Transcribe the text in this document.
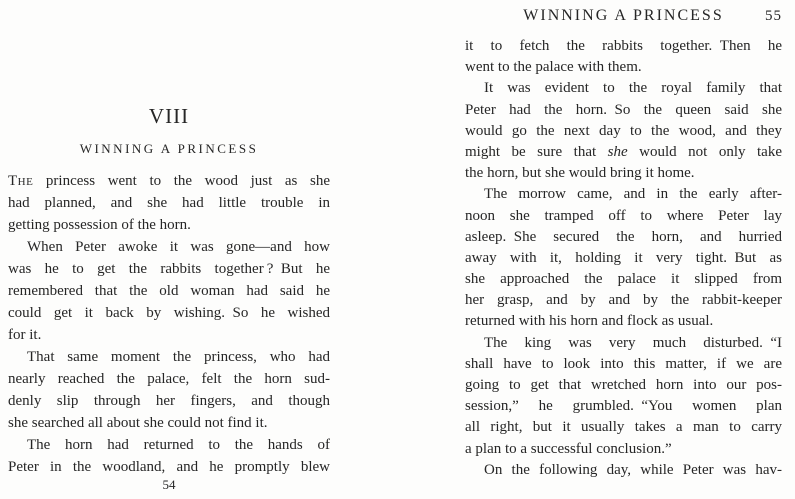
VIII
WINNING A PRINCESS
The princess went to the wood just as she
had planned, and she had little trouble in
getting possession of the horn.
When Peter awoke it was gone—and how
was he to get the rabbits together ? But he
remembered that the old woman had said he
could get it back by wishing. So he wished
for it.
That same moment the princess, who had
nearly reached the palace, felt the horn sud-
denly slip through her fingers, and though
she searched all about she could not find it.
The horn had returned to the hands of
Peter in the woodland, and he promptly blew
54
WINNING A PRINCESS	55
it to fetch the rabbits together. Then he
went to the palace with them.
It was evident to the royal family that
Peter had the horn. So the queen said she
would go the next day to the wood, and they
might be sure that she would not only take
the horn, but she would bring it home.
The morrow came, and in the early after-
noon she tramped off to where Peter lay
asleep. She secured the horn, and hurried
away with it, holding it very tight. But as
she approached the palace it slipped from
her grasp, and by and by the rabbit-keeper
returned with his horn and flock as usual.
The king was very much disturbed. “I
shall have to look into this matter, if we are
going to get that wretched horn into our pos-
session,” he grumbled. “You women plan
all right, but it usually takes a man to carry
a plan to a successful conclusion.”
On the following day, while Peter was hav-
